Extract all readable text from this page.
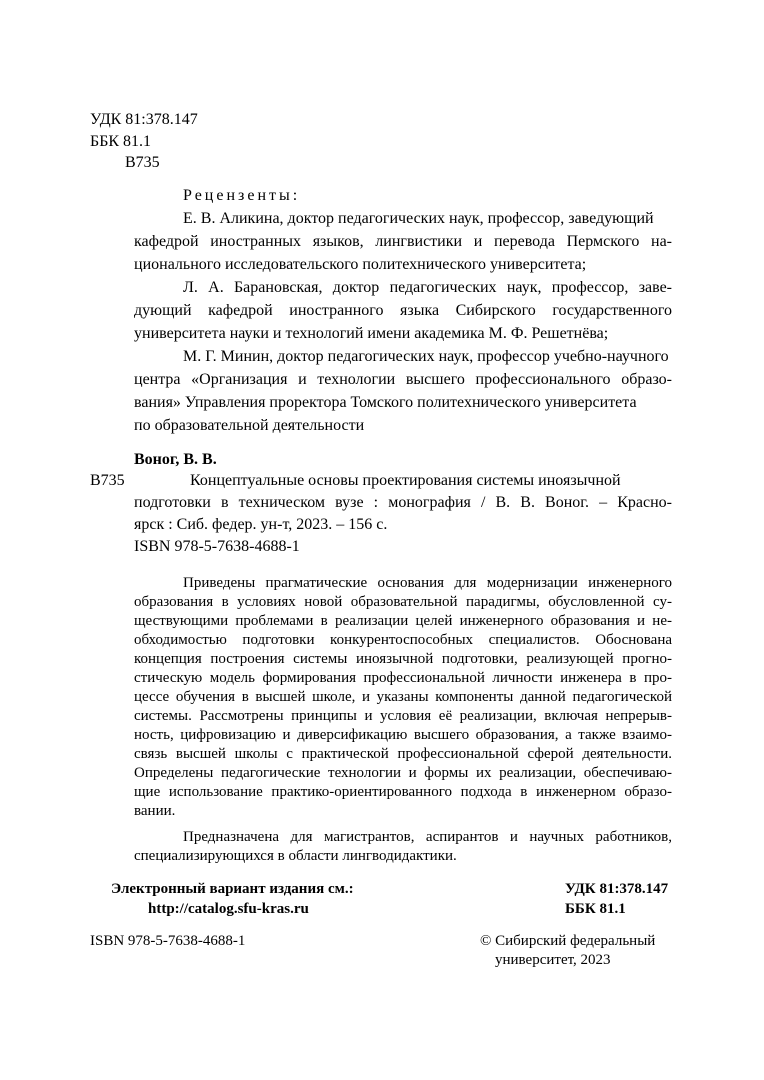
УДК 81:378.147
ББК 81.1
В735
Рецензенты:
Е. В. Аликина, доктор педагогических наук, профессор, заведующий
кафедрой иностранных языков, лингвистики и перевода Пермского на-
ционального исследовательского политехнического университета;
Л. А. Барановская, доктор педагогических наук, профессор, заве-
дующий кафедрой иностранного языка Сибирского государственного
университета науки и технологий имени академика М. Ф. Решетнёва;
М. Г. Минин, доктор педагогических наук, профессор учебно-научного
центра «Организация и технологии высшего профессионального образо-
вания» Управления проректора Томского политехнического университета
по образовательной деятельности
Воног, В. В.
В735	Концептуальные основы проектирования системы иноязычной
подготовки в техническом вузе : монография / В. В. Воног. – Красно-
ярск : Сиб. федер. ун-т, 2023. – 156 с.
ISBN 978-5-7638-4688-1
Приведены прагматические основания для модернизации инженерного
образования в условиях новой образовательной парадигмы, обусловленной су-
ществующими проблемами в реализации целей инженерного образования и не-
обходимостью подготовки конкурентоспособных специалистов. Обоснована
концепция построения системы иноязычной подготовки, реализующей прогно-
стическую модель формирования профессиональной личности инженера в про-
цессе обучения в высшей школе, и указаны компоненты данной педагогической
системы. Рассмотрены принципы и условия её реализации, включая непрерыв-
ность, цифровизацию и диверсификацию высшего образования, а также взаимо-
связь высшей школы с практической профессиональной сферой деятельности.
Определены педагогические технологии и формы их реализации, обеспечиваю-
щие использование практико-ориентированного подхода в инженерном образо-
вании.
Предназначена для магистрантов, аспирантов и научных работников,
специализирующихся в области лингводидактики.
Электронный вариант издания см.:
http://catalog.sfu-kras.ru
УДК 81:378.147
ББК 81.1
ISBN 978-5-7638-4688-1	© Сибирский федеральный
университет, 2023
